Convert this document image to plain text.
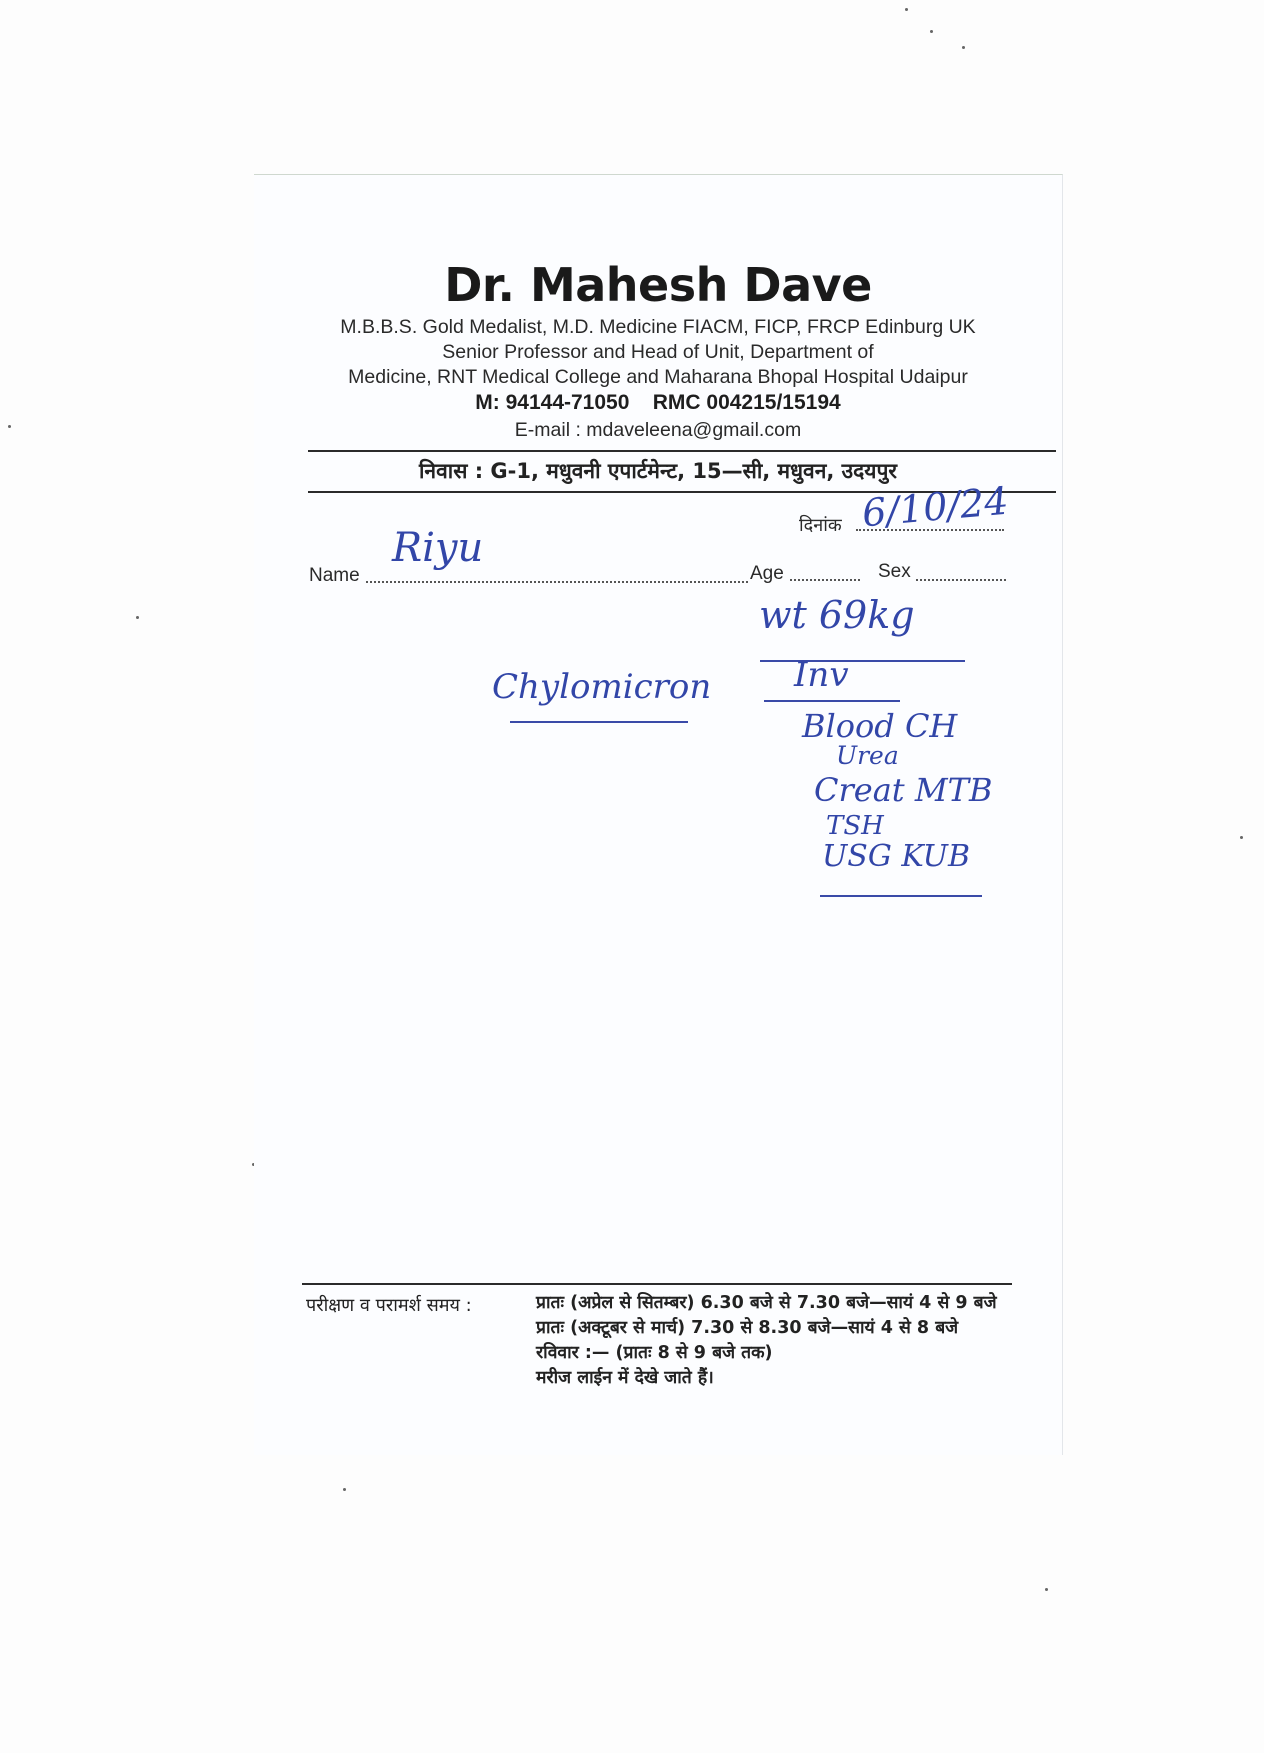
Dr. Mahesh Dave
M.B.B.S. Gold Medalist, M.D. Medicine FIACM, FICP, FRCP Edinburg UK
Senior Professor and Head of Unit, Department of
Medicine, RNT Medical College and Maharana Bhopal Hospital Udaipur
M: 94144-71050    RMC 004215/15194
E-mail : mdaveleena@gmail.com
निवास : G-1, मधुवनी एपार्टमेन्ट, 15—सी, मधुवन, उदयपुर
दिनांक 6/10/24
Name
Riyu
Age	Sex
wt 69kg
Chylomicron Inv
Blood CH
Urea
Creat MTB
TSH
USG KUB
परीक्षण व परामर्श समय :	प्रातः (अप्रेल से सितम्बर) 6.30 बजे से 7.30 बजे—सायं 4 से 9 बजे
प्रातः (अक्टूबर से मार्च) 7.30 से 8.30 बजे—सायं 4 से 8 बजे
रविवार :— (प्रातः 8 से 9 बजे तक)
मरीज लाईन में देखे जाते हैं।
